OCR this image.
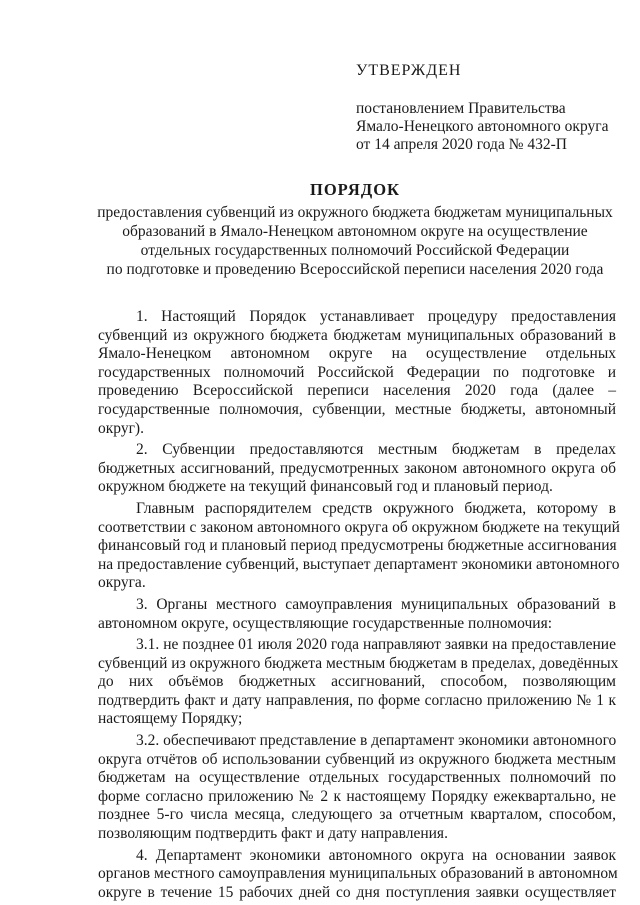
УТВЕРЖДЕН
постановлением Правительства
Ямало-Ненецкого автономного округа
от 14 апреля 2020 года № 432-П
ПОРЯДОК
предоставления субвенций из окружного бюджета бюджетам муниципальных
образований в Ямало-Ненецком автономном округе на осуществление
отдельных государственных полномочий Российской Федерации
по подготовке и проведению Всероссийской переписи населения 2020 года
1. Настоящий Порядок устанавливает процедуру предоставления
субвенций из окружного бюджета бюджетам муниципальных образований в
Ямало-Ненецком автономном округе на осуществление отдельных
государственных полномочий Российской Федерации по подготовке и
проведению Всероссийской переписи населения 2020 года (далее –
государственные полномочия, субвенции, местные бюджеты, автономный
округ).
2. Субвенции предоставляются местным бюджетам в пределах
бюджетных ассигнований, предусмотренных законом автономного округа об
окружном бюджете на текущий финансовый год и плановый период.
Главным распорядителем средств окружного бюджета, которому в
соответствии с законом автономного округа об окружном бюджете на текущий
финансовый год и плановый период предусмотрены бюджетные ассигнования
на предоставление субвенций, выступает департамент экономики автономного
округа.
3. Органы местного самоуправления муниципальных образований в
автономном округе, осуществляющие государственные полномочия:
3.1. не позднее 01 июля 2020 года направляют заявки на предоставление
субвенций из окружного бюджета местным бюджетам в пределах, доведённых
до них объёмов бюджетных ассигнований, способом, позволяющим
подтвердить факт и дату направления, по форме согласно приложению № 1 к
настоящему Порядку;
3.2. обеспечивают представление в департамент экономики автономного
округа отчётов об использовании субвенций из окружного бюджета местным
бюджетам на осуществление отдельных государственных полномочий по
форме согласно приложению № 2 к настоящему Порядку ежеквартально, не
позднее 5-го числа месяца, следующего за отчетным кварталом, способом,
позволяющим подтвердить факт и дату направления.
4. Департамент экономики автономного округа на основании заявок
органов местного самоуправления муниципальных образований в автономном
округе в течение 15 рабочих дней со дня поступления заявки осуществляет
